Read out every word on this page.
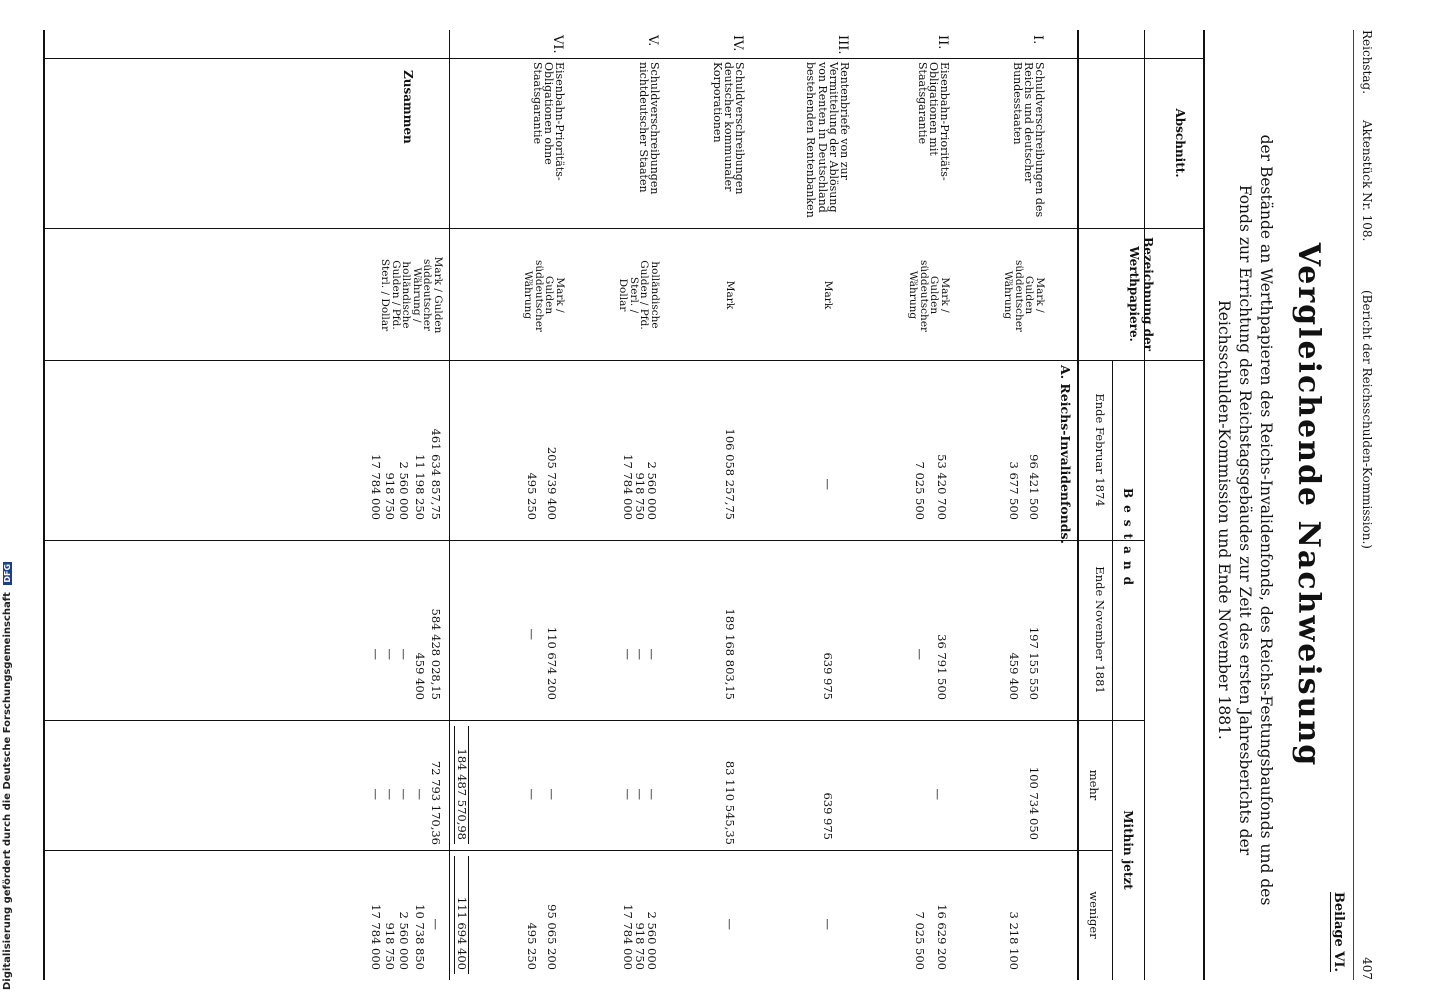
Digitalisierung gefördert durch die Deutsche Forschungsgemeinschaft DFG
Reichstag.
Aktenstück Nr. 108.
(Bericht der Reichsschulden-Kommission.)
407
Beilage VI.
Vergleichende Nachweisung
der Bestände an Werthpapieren des Reichs-Invalidenfonds, des Reichs-Festungsbaufonds und des Fonds zur Errichtung des Reichstagsgebäudes zur Zeit des ersten Jahresberichts der Reichsschulden-Kommission und Ende November 1881.
Abschnitt.
Bezeichnung der Werthpapiere.
Bestand
Ende Februar 1874
Ende November 1881
Mithin jetzt
mehr
weniger
A. Reichs-Invalidenfonds.
I.
Schuldverschreibungen des Reichs und deutscher Bundesstaaten
Mark / Gulden süddeutscher Währung
96 421 500
3 677 500
197 155 550
459 400
100 734 050
3 218 100
II.
Eisenbahn-Prioritäts-Obligationen mit Staatsgarantie
Mark / Gulden süddeutscher Währung
53 420 700
7 025 500
36 791 500
—
—
16 629 200
7 025 500
III.
Rentenbriefe von zur Vermittelung der Ablösung von Renten in Deutschland bestehenden Rentenbanken
Mark
—
639 975
639 975
—
IV.
Schuldverschreibungen deutscher kommunaler Korporationen
Mark
106 058 257,75
189 168 803,15
83 110 545,35
—
V.
Schuldverschreibungen nichtdeutscher Staaten
holländische Gulden / Pfd. Sterl. / Dollar
2 560 000
918 750
17 784 000
—
—
—
—
—
—
2 560 000
918 750
17 784 000
VI.
Eisenbahn-Prioritäts-Obligationen ohne Staatsgarantie
Mark / Gulden süddeutscher Währung
205 739 400
495 250
110 674 200
—
—
—
95 065 200
495 250
Zusammen
Mark / Gulden süddeutscher Währung / holländische Gulden / Pfd. Sterl. / Dollar
461 634 857,75
11 198 250
2 560 000
918 750
17 784 000
584 428 028,15
459 400
—
—
—
72 793 170,36
—
—
—
—
—
10 738 850
2 560 000
918 750
17 784 000
184 487 570,98
111 694 400
